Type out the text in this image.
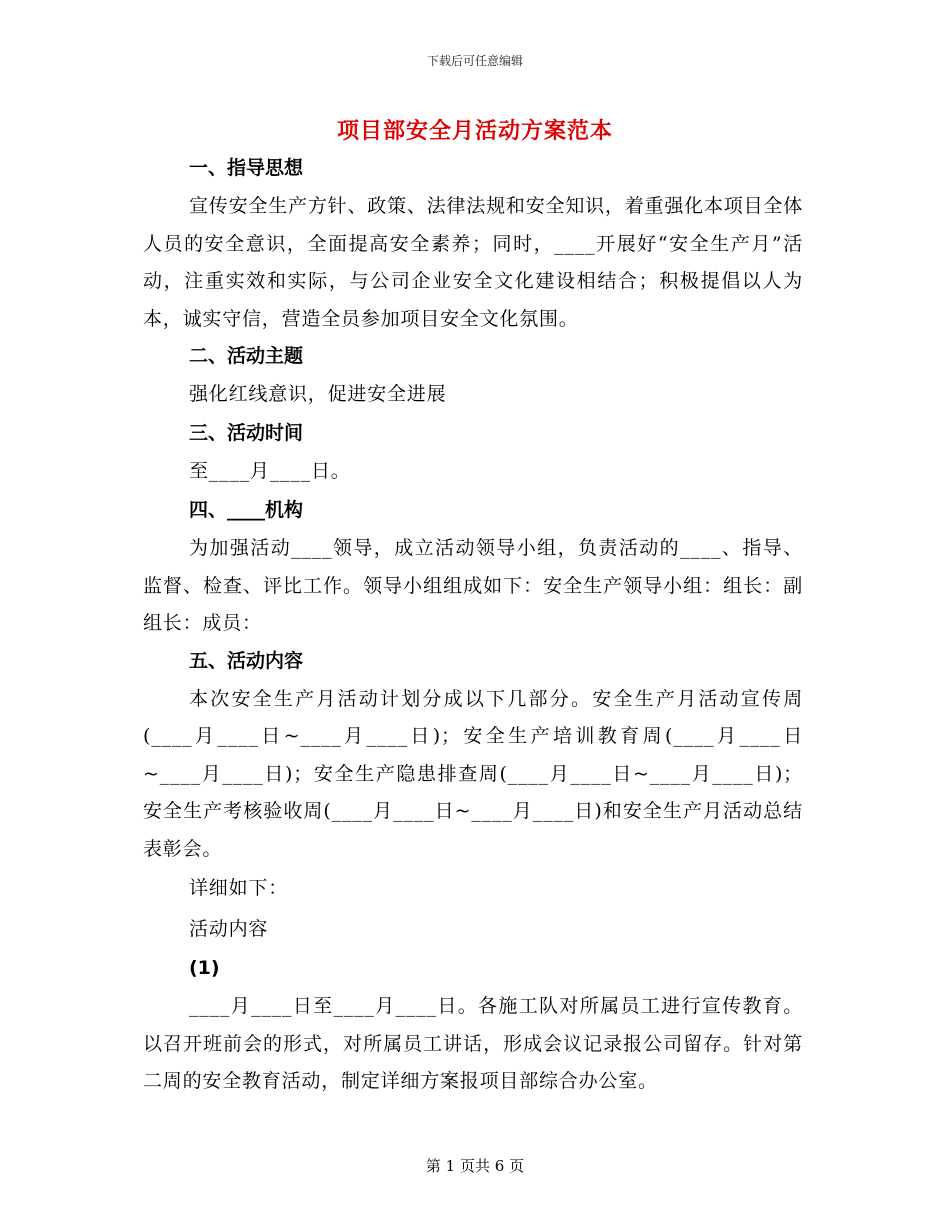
下载后可任意编辑
项目部安全月活动方案范本
一、指导思想

宣传安全生产方针、政策、法律法规和安全知识，着重强化本项目全体人员的安全意识，全面提高安全素养；同时，____开展好“安全生产月”活动，注重实效和实际，与公司企业安全文化建设相结合；积极提倡以人为本，诚实守信，营造全员参加项目安全文化氛围。

二、活动主题
强化红线意识，促进安全进展
三、活动时间
至____月____日。
四、____机构

为加强活动____领导，成立活动领导小组，负责活动的____、指导、监督、检查、评比工作。领导小组组成如下：安全生产领导小组：组长：副组长：成员：

五、活动内容

本次安全生产月活动计划分成以下几部分。安全生产月活动宣传周(____月____日~____月____日)；安全生产培训教育周(____月____日~____月____日)；安全生产隐患排查周(____月____日~____月____日)；安全生产考核验收周(____月____日~____月____日)和安全生产月活动总结表彰会。

详细如下：
活动内容
(1)

____月____日至____月____日。各施工队对所属员工进行宣传教育。以召开班前会的形式，对所属员工讲话，形成会议记录报公司留存。针对第二周的安全教育活动，制定详细方案报项目部综合办公室。

第 1 页共 6 页
